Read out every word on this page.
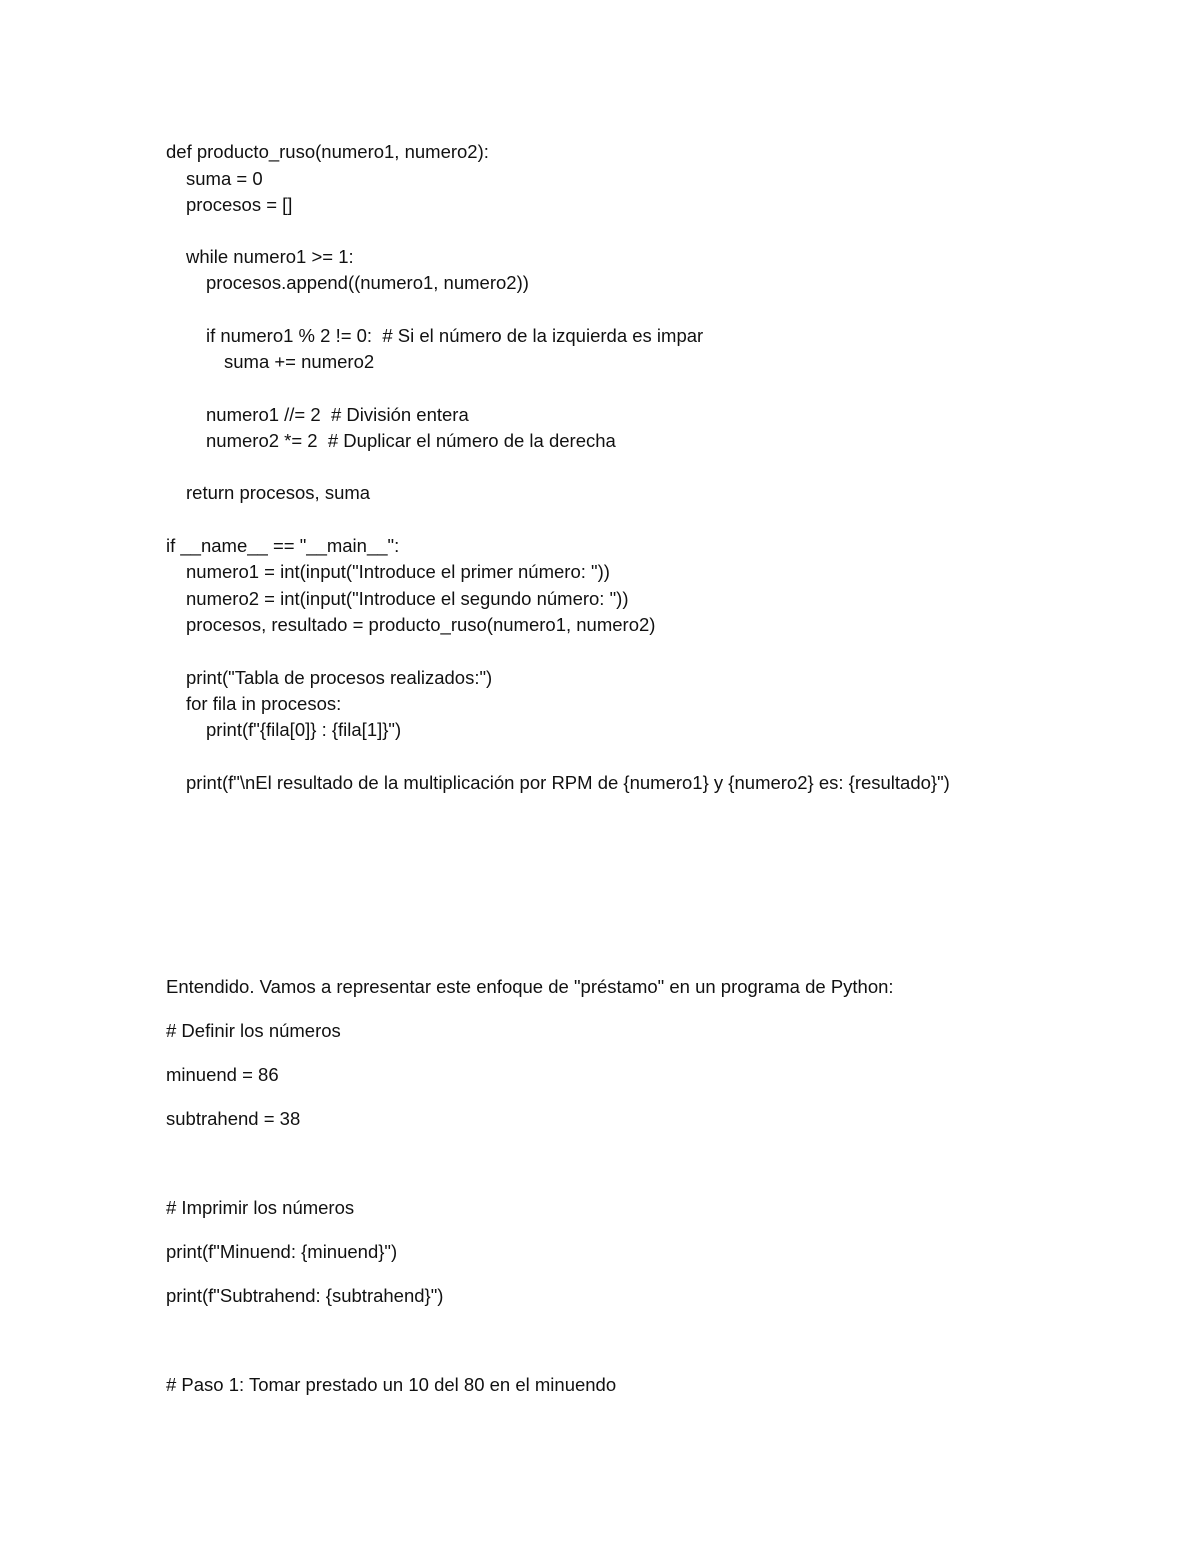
def producto_ruso(numero1, numero2):
suma = 0
procesos = []
while numero1 >= 1:
procesos.append((numero1, numero2))
if numero1 % 2 != 0:  # Si el número de la izquierda es impar
suma += numero2
numero1 //= 2  # División entera
numero2 *= 2  # Duplicar el número de la derecha
return procesos, suma
if __name__ == "__main__":
numero1 = int(input("Introduce el primer número: "))
numero2 = int(input("Introduce el segundo número: "))
procesos, resultado = producto_ruso(numero1, numero2)
print("Tabla de procesos realizados:")
for fila in procesos:
print(f"{fila[0]} : {fila[1]}")
print(f"\nEl resultado de la multiplicación por RPM de {numero1} y {numero2} es: {resultado}")
Entendido. Vamos a representar este enfoque de "préstamo" en un programa de Python:
# Definir los números
minuend = 86
subtrahend = 38
# Imprimir los números
print(f"Minuend: {minuend}")
print(f"Subtrahend: {subtrahend}")
# Paso 1: Tomar prestado un 10 del 80 en el minuendo
